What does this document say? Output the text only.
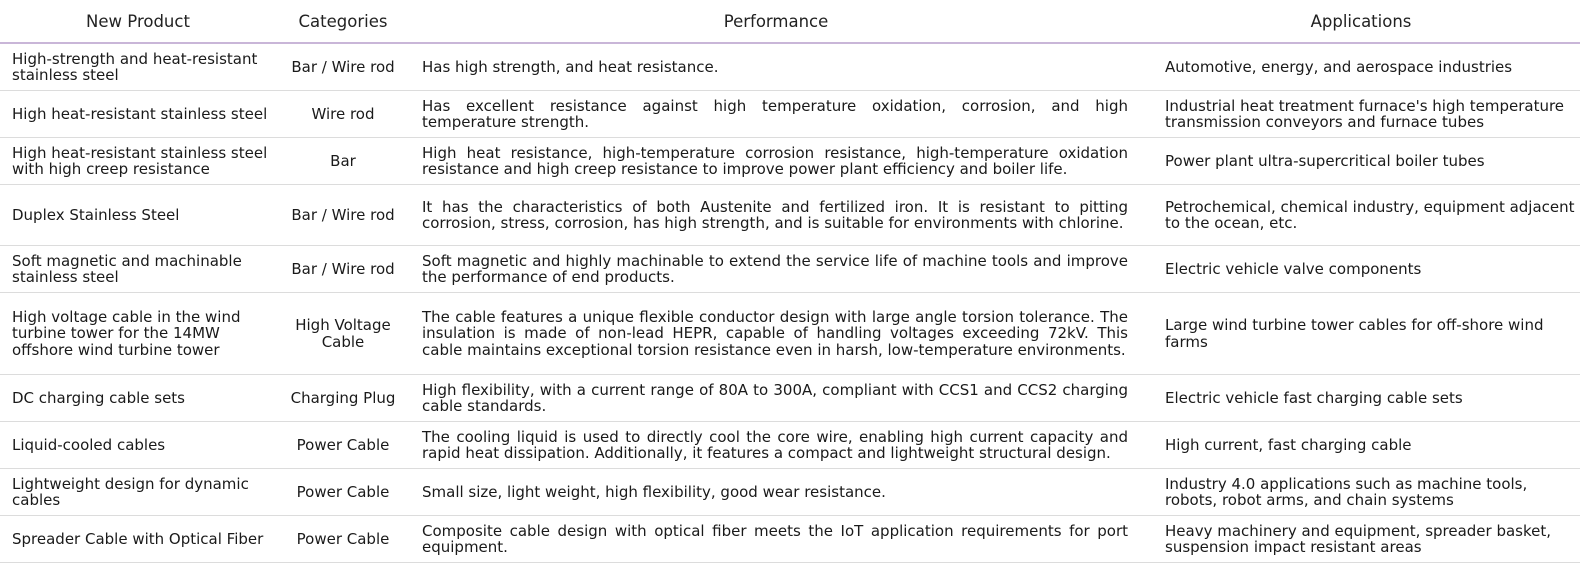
New Product	Categories	Performance	Applications
High-strength and heat-resistant stainless steel	Bar / Wire rod	Has high strength, and heat resistance.	Automotive, energy, and aerospace industries
High heat-resistant stainless steel	Wire rod	Has excellent resistance against high temperature oxidation, corrosion, and high temperature strength.	Industrial heat treatment furnace's high temperature transmission conveyors and furnace tubes
High heat-resistant stainless steel with high creep resistance	Bar	High heat resistance, high-temperature corrosion resistance, high-temperature oxidation resistance and high creep resistance to improve power plant efficiency and boiler life.	Power plant ultra-supercritical boiler tubes
Duplex Stainless Steel	Bar / Wire rod	It has the characteristics of both Austenite and fertilized iron. It is resistant to pitting corrosion, stress, corrosion, has high strength, and is suitable for environments with chlorine.	Petrochemical, chemical industry, equipment adjacent to the ocean, etc.
Soft magnetic and machinable stainless steel	Bar / Wire rod	Soft magnetic and highly machinable to extend the service life of machine tools and improve the performance of end products.	Electric vehicle valve components
High voltage cable in the wind turbine tower for the 14MW offshore wind turbine tower	High Voltage Cable	The cable features a unique flexible conductor design with large angle torsion tolerance. The insulation is made of non-lead HEPR, capable of handling voltages exceeding 72kV. This cable maintains exceptional torsion resistance even in harsh, low-temperature environments.	Large wind turbine tower cables for off-shore wind farms
DC charging cable sets	Charging Plug	High flexibility, with a current range of 80A to 300A, compliant with CCS1 and CCS2 charging cable standards.	Electric vehicle fast charging cable sets
Liquid-cooled cables	Power Cable	The cooling liquid is used to directly cool the core wire, enabling high current capacity and rapid heat dissipation. Additionally, it features a compact and lightweight structural design.	High current, fast charging cable
Lightweight design for dynamic cables	Power Cable	Small size, light weight, high flexibility, good wear resistance.	Industry 4.0 applications such as machine tools, robots, robot arms, and chain systems
Spreader Cable with Optical Fiber	Power Cable	Composite cable design with optical fiber meets the IoT application requirements for port equipment.	Heavy machinery and equipment, spreader basket, suspension impact resistant areas
